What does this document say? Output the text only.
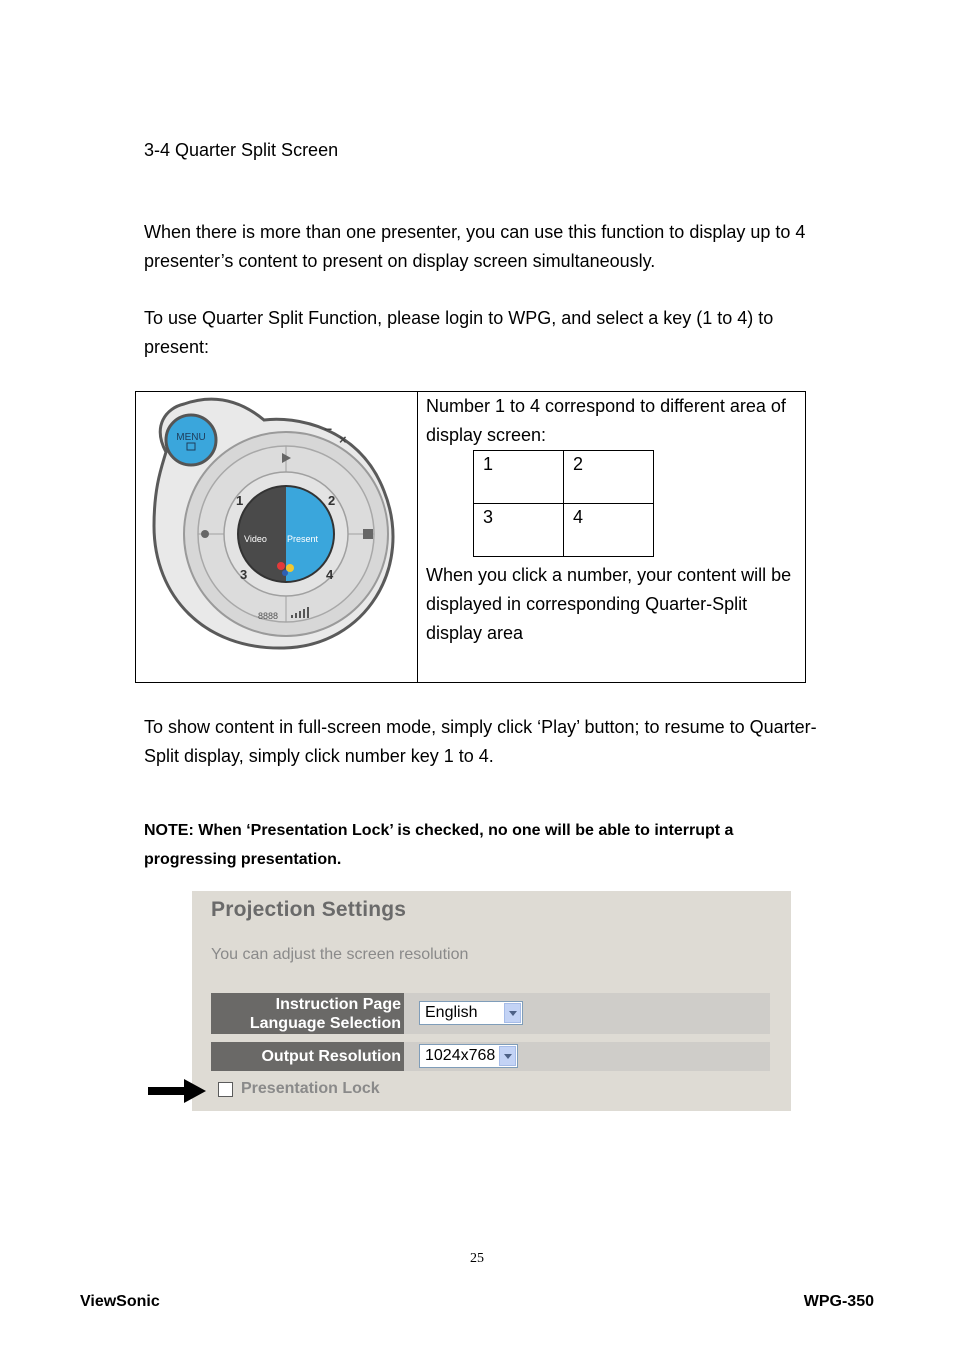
3-4 Quarter Split Screen

When there is more than one presenter, you can use this function to display up to 4 presenter’s content to present on display screen simultaneously.

To use Quarter Split Function, please login to WPG, and select a key (1 to 4) to present:

MENU
−
×
1	2
3	4
Video Present
8888

Number 1 to 4 correspond to different area of display screen:

1	2
3	4

When you click a number, your content will be displayed in corresponding Quarter-Split display area

To show content in full-screen mode, simply click ‘Play’ button; to resume to Quarter-Split display, simply click number key 1 to 4.

NOTE: When ‘Presentation Lock’ is checked, no one will be able to interrupt a progressing presentation.

Projection Settings
You can adjust the screen resolution
Instruction Page
Language Selection
English
Output Resolution	1024x768
Presentation Lock
25
ViewSonic	WPG-350
